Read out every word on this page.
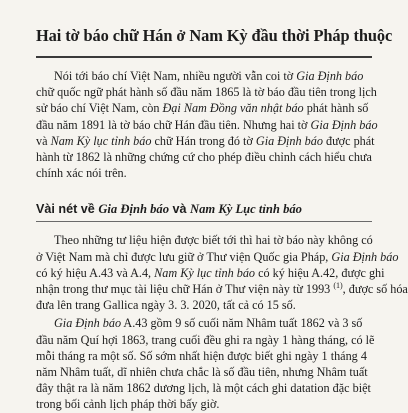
Hai tờ báo chữ Hán ở Nam Kỳ đầu thời Pháp thuộc

Nói tới báo chí Việt Nam, nhiều người vẫn coi tờ Gia Định báo
chữ quốc ngữ phát hành số đầu năm 1865 là tờ báo đầu tiên trong lịch
sử báo chí Việt Nam, còn Đại Nam Đồng văn nhật báo phát hành số
đầu năm 1891 là tờ báo chữ Hán đầu tiên. Nhưng hai tờ Gia Định báo
và Nam Kỳ lục tỉnh báo chữ Hán trong đó tờ Gia Định báo được phát
hành từ 1862 là những chứng cứ cho phép điều chỉnh cách hiểu chưa
chính xác nói trên.

Vài nét về Gia Định báo và Nam Kỳ Lục tỉnh báo

Theo những tư liệu hiện được biết tới thì hai tờ báo này không có
ở Việt Nam mà chỉ được lưu giữ ở Thư viện Quốc gia Pháp, Gia Định báo
có ký hiệu A.43 và A.4, Nam Kỳ lục tỉnh báo có ký hiệu A.42, được ghi
nhận trong thư mục tài liệu chữ Hán ở Thư viện này từ 1993 $^{(1)}$, được số hóa
đưa lên trang Gallica ngày 3. 3. 2020, tất cả có 15 số.

Gia Định báo A.43 gồm 9 số cuối năm Nhâm tuất 1862 và 3 số
đầu năm Quí hợi 1863, trang cuối đều ghi ra ngày 1 hàng tháng, có lẽ
mỗi tháng ra một số. Số sớm nhất hiện được biết ghi ngày 1 tháng 4
năm Nhâm tuất, dĩ nhiên chưa chắc là số đầu tiên, nhưng Nhâm tuất
đây thật ra là năm 1862 dương lịch, là một cách ghi datation đặc biệt
trong bối cảnh lịch pháp thời bấy giờ.
